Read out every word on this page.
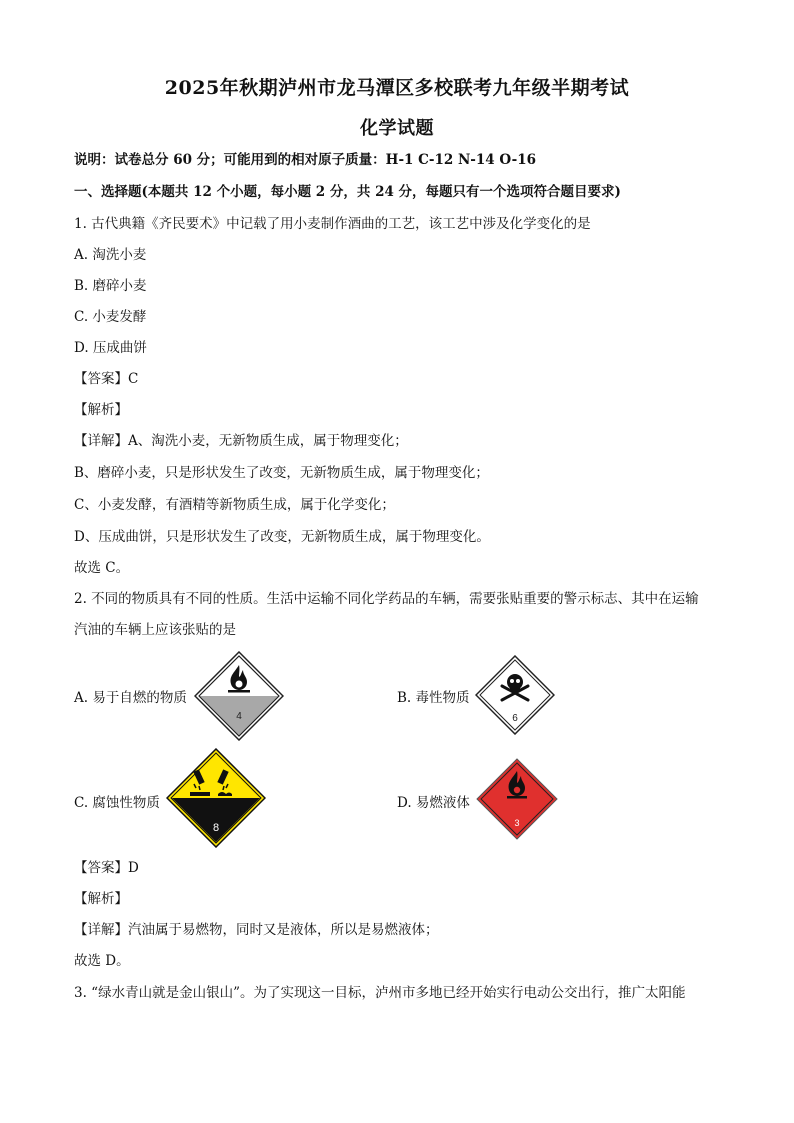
2025年秋期泸州市龙马潭区多校联考九年级半期考试
化学试题
说明：试卷总分 60 分；可能用到的相对原子质量：H-1 C-12 N-14 O-16
一、选择题(本题共 12 个小题，每小题 2 分，共 24 分，每题只有一个选项符合题目要求)
1. 古代典籍《齐民要术》中记载了用小麦制作酒曲的工艺，该工艺中涉及化学变化的是
A. 淘洗小麦
B. 磨碎小麦
C. 小麦发酵
D. 压成曲饼
【答案】C
【解析】
【详解】A、淘洗小麦，无新物质生成，属于物理变化；
B、磨碎小麦，只是形状发生了改变，无新物质生成，属于物理变化；
C、小麦发酵，有酒精等新物质生成，属于化学变化；
D、压成曲饼，只是形状发生了改变，无新物质生成，属于物理变化。
故选 C。
2. 不同的物质具有不同的性质。生活中运输不同化学药品的车辆，需要张贴重要的警示标志、其中在运输
汽油的车辆上应该张贴的是
A. 易于自燃的物质
4
B. 毒性物质
6
C. 腐蚀性物质
8
D. 易燃液体
3
【答案】D
【解析】
【详解】汽油属于易燃物，同时又是液体，所以是易燃液体；
故选 D。
3. “绿水青山就是金山银山”。为了实现这一目标，泸州市多地已经开始实行电动公交出行，推广太阳能
